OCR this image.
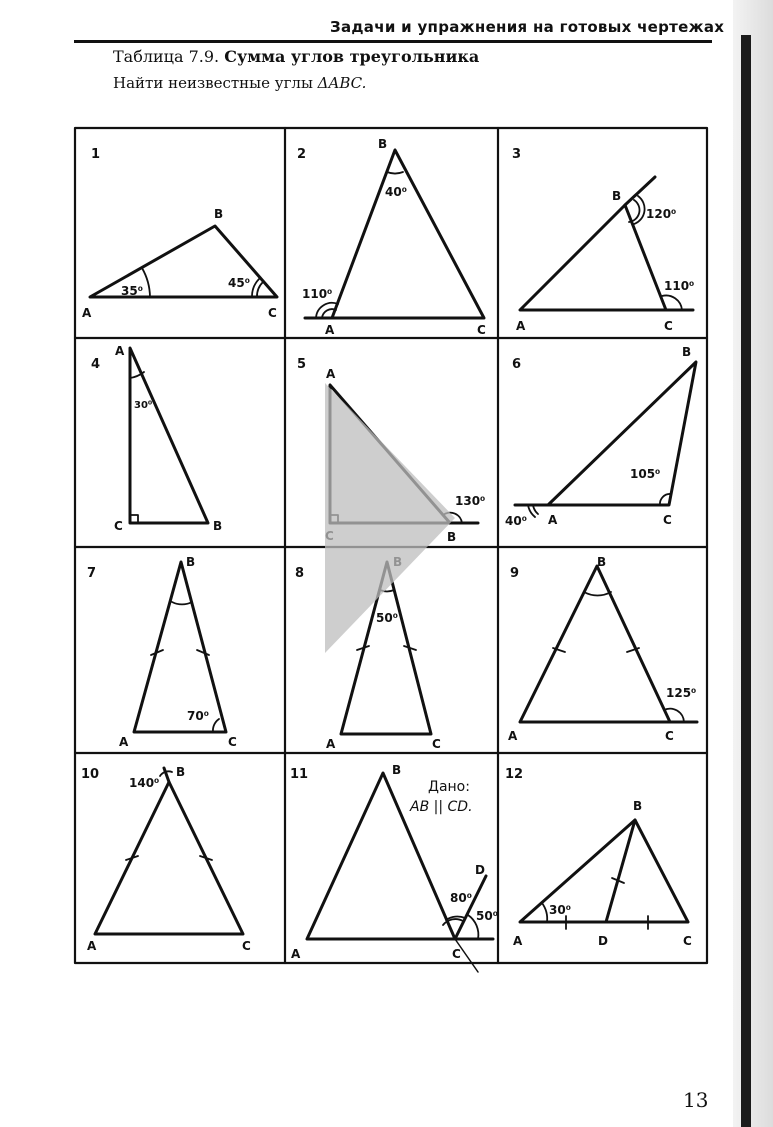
Задачи и упражнения на готовых чертежах
Таблица 7.9. Сумма углов треугольника
Найти неизвестные углы ΔABC.
1	2	3
4	5	6
7	8	9
10	11	12
A
B
C
35⁰
45⁰
B
A	C
40⁰
110⁰
B
A	C
120⁰
110⁰
A
C	B
30⁰
A
B
130⁰
B
A	C
105⁰
40⁰
B
A	C
70⁰
A	C
50⁰
B
A	C
125⁰
B
A	C
140⁰
B
A	C
D
80⁰
50⁰
Дано:
AB || CD.	B
A	D	C
30⁰
13
